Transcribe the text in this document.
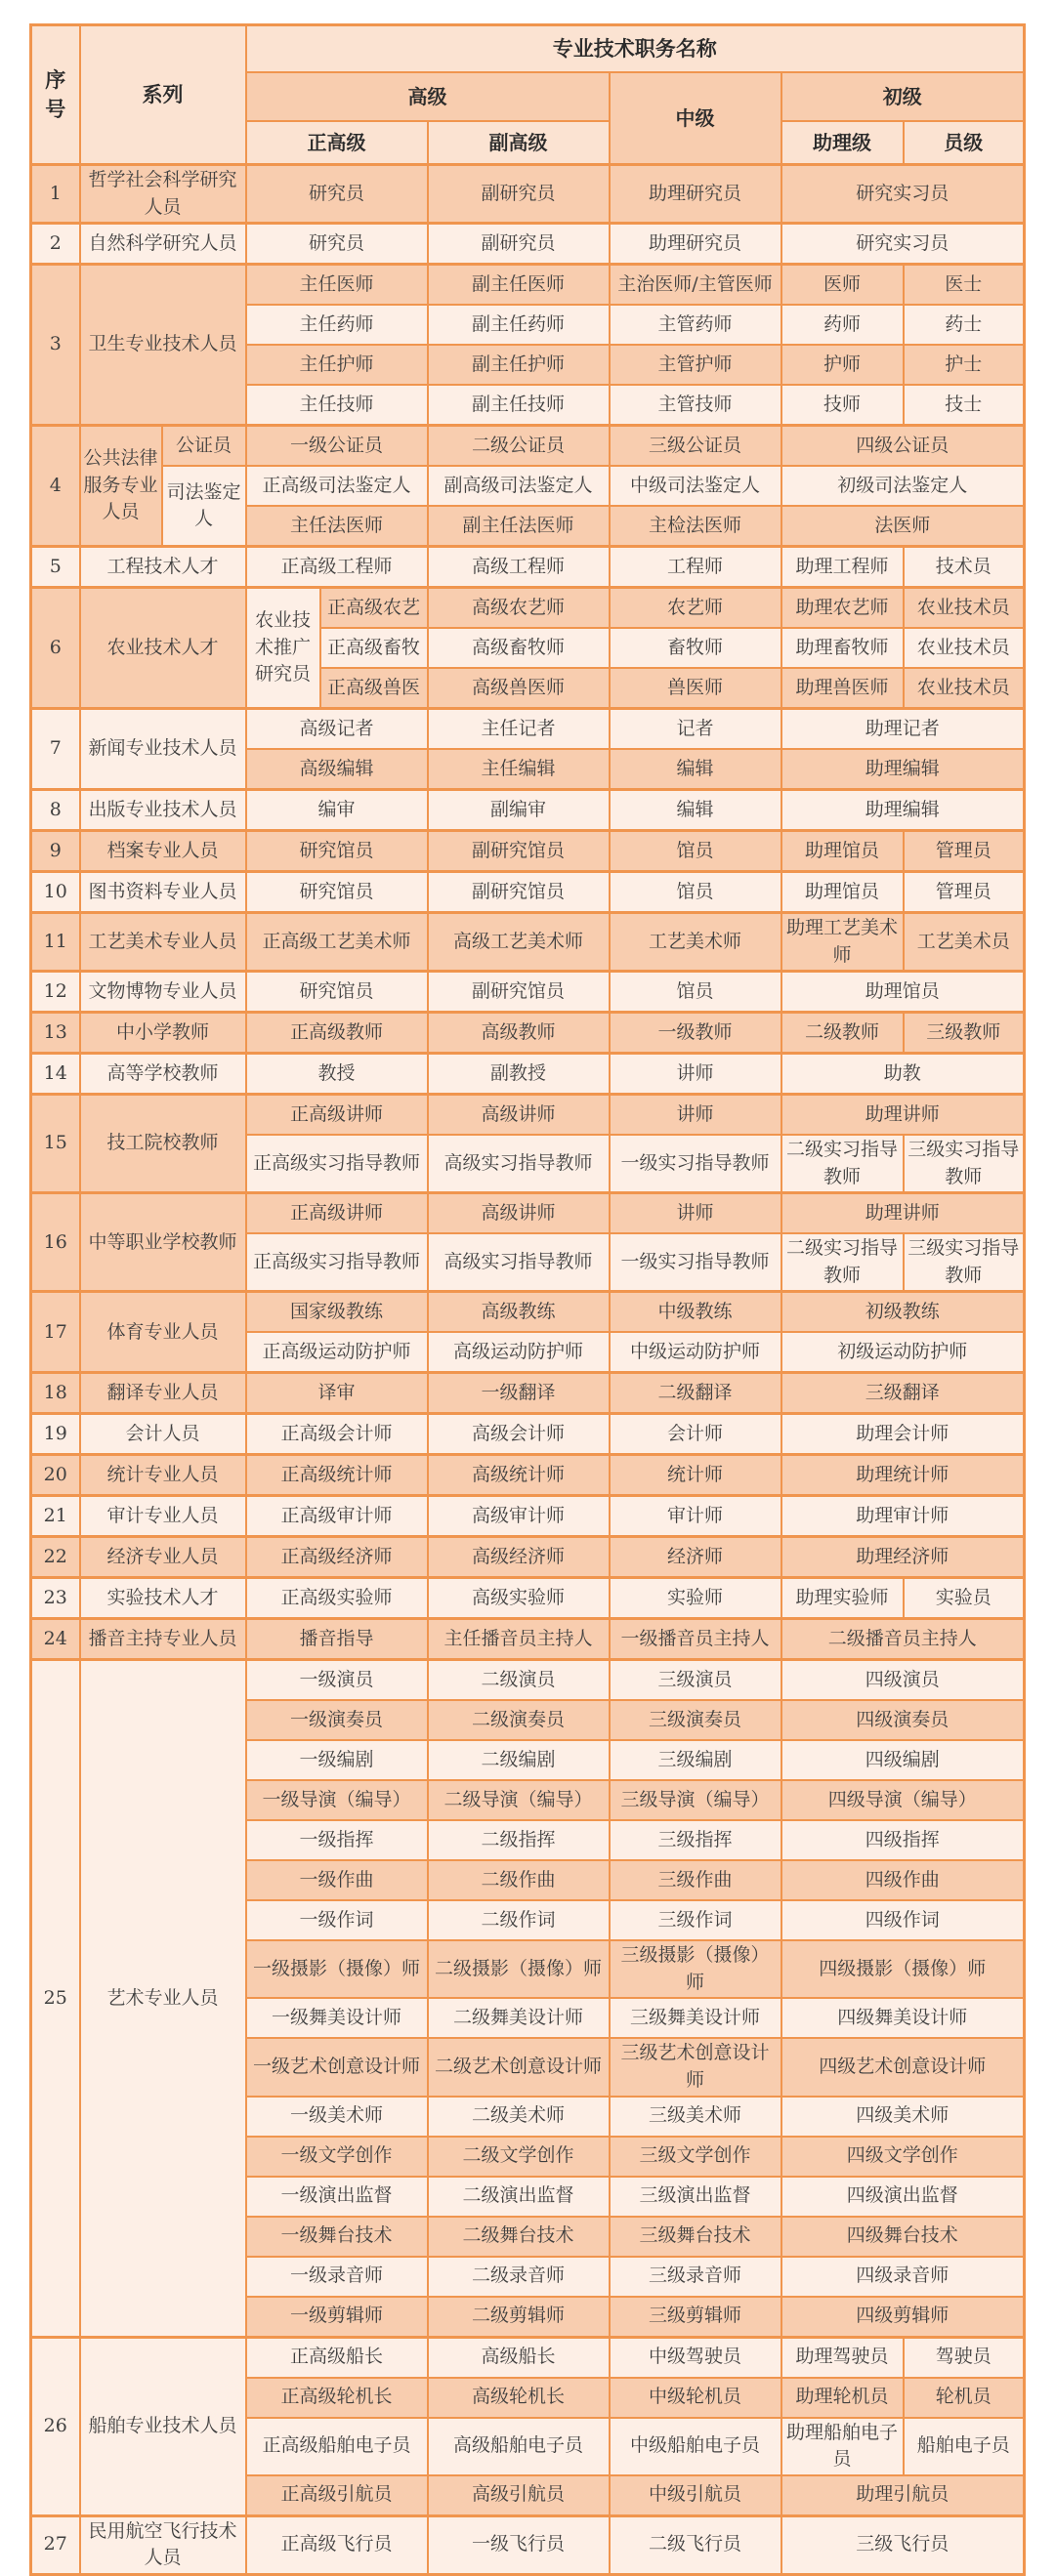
序号	系列		专业技术职务名称					
			高级			中级	初级	
			正高级		副高级		助理级	员级
1	哲学社会科学研究人员		研究员		副研究员	助理研究员	研究实习员	
2	自然科学研究人员		研究员		副研究员	助理研究员	研究实习员	
3	卫生专业技术人员		主任医师		副主任医师	主治医师/主管医师	医师	医士
			主任药师		副主任药师	主管药师	药师	药士
			主任护师		副主任护师	主管护师	护师	护士
			主任技师		副主任技师	主管技师	技师	技士
4	公共法律服务专业人员	公证员	一级公证员		二级公证员	三级公证员	四级公证员	
		司法鉴定人	正高级司法鉴定人		副高级司法鉴定人	中级司法鉴定人	初级司法鉴定人	
			主任法医师		副主任法医师	主检法医师	法医师	
5	工程技术人才		正高级工程师		高级工程师	工程师	助理工程师	技术员
6	农业技术人才		农业技术推广研究员	正高级农艺	高级农艺师	农艺师	助理农艺师	农业技术员
				正高级畜牧	高级畜牧师	畜牧师	助理畜牧师	农业技术员
				正高级兽医	高级兽医师	兽医师	助理兽医师	农业技术员
7	新闻专业技术人员		高级记者		主任记者	记者	助理记者	
			高级编辑		主任编辑	编辑	助理编辑	
8	出版专业技术人员		编审		副编审	编辑	助理编辑	
9	档案专业人员		研究馆员		副研究馆员	馆员	助理馆员	管理员
10	图书资料专业人员		研究馆员		副研究馆员	馆员	助理馆员	管理员
11	工艺美术专业人员		正高级工艺美术师		高级工艺美术师	工艺美术师	助理工艺美术师	工艺美术员
12	文物博物专业人员		研究馆员		副研究馆员	馆员	助理馆员	
13	中小学教师		正高级教师		高级教师	一级教师	二级教师	三级教师
14	高等学校教师		教授		副教授	讲师	助教	
15	技工院校教师		正高级讲师		高级讲师	讲师	助理讲师	
			正高级实习指导教师		高级实习指导教师	一级实习指导教师	二级实习指导教师	三级实习指导教师
16	中等职业学校教师		正高级讲师		高级讲师	讲师	助理讲师	
			正高级实习指导教师		高级实习指导教师	一级实习指导教师	二级实习指导教师	三级实习指导教师
17	体育专业人员		国家级教练		高级教练	中级教练	初级教练	
			正高级运动防护师		高级运动防护师	中级运动防护师	初级运动防护师	
18	翻译专业人员		译审		一级翻译	二级翻译	三级翻译	
19	会计人员		正高级会计师		高级会计师	会计师	助理会计师	
20	统计专业人员		正高级统计师		高级统计师	统计师	助理统计师	
21	审计专业人员		正高级审计师		高级审计师	审计师	助理审计师	
22	经济专业人员		正高级经济师		高级经济师	经济师	助理经济师	
23	实验技术人才		正高级实验师		高级实验师	实验师	助理实验师	实验员
24	播音主持专业人员		播音指导		主任播音员主持人	一级播音员主持人	二级播音员主持人	
25	艺术专业人员		一级演员		二级演员	三级演员	四级演员	
			一级演奏员		二级演奏员	三级演奏员	四级演奏员	
			一级编剧		二级编剧	三级编剧	四级编剧	
			一级导演（编导）		二级导演（编导）	三级导演（编导）	四级导演（编导）	
			一级指挥		二级指挥	三级指挥	四级指挥	
			一级作曲		二级作曲	三级作曲	四级作曲	
			一级作词		二级作词	三级作词	四级作词	
			一级摄影（摄像）师		二级摄影（摄像）师	三级摄影（摄像）师	四级摄影（摄像）师	
			一级舞美设计师		二级舞美设计师	三级舞美设计师	四级舞美设计师	
			一级艺术创意设计师		二级艺术创意设计师	三级艺术创意设计师	四级艺术创意设计师	
			一级美术师		二级美术师	三级美术师	四级美术师	
			一级文学创作		二级文学创作	三级文学创作	四级文学创作	
			一级演出监督		二级演出监督	三级演出监督	四级演出监督	
			一级舞台技术		二级舞台技术	三级舞台技术	四级舞台技术	
			一级录音师		二级录音师	三级录音师	四级录音师	
			一级剪辑师		二级剪辑师	三级剪辑师	四级剪辑师	
26	船舶专业技术人员		正高级船长		高级船长	中级驾驶员	助理驾驶员	驾驶员
			正高级轮机长		高级轮机长	中级轮机员	助理轮机员	轮机员
			正高级船舶电子员		高级船舶电子员	中级船舶电子员	助理船舶电子员	船舶电子员
			正高级引航员		高级引航员	中级引航员	助理引航员	
27	民用航空飞行技术人员		正高级飞行员		一级飞行员	二级飞行员	三级飞行员	
